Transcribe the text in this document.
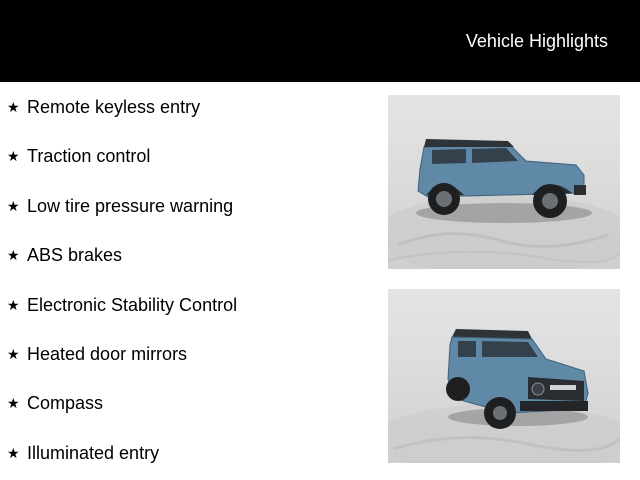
Vehicle Highlights
★ Remote keyless entry
★ Traction control
★ Low tire pressure warning
★ ABS brakes
★ Electronic Stability Control
★ Heated door mirrors
★ Compass
★ Illuminated entry
